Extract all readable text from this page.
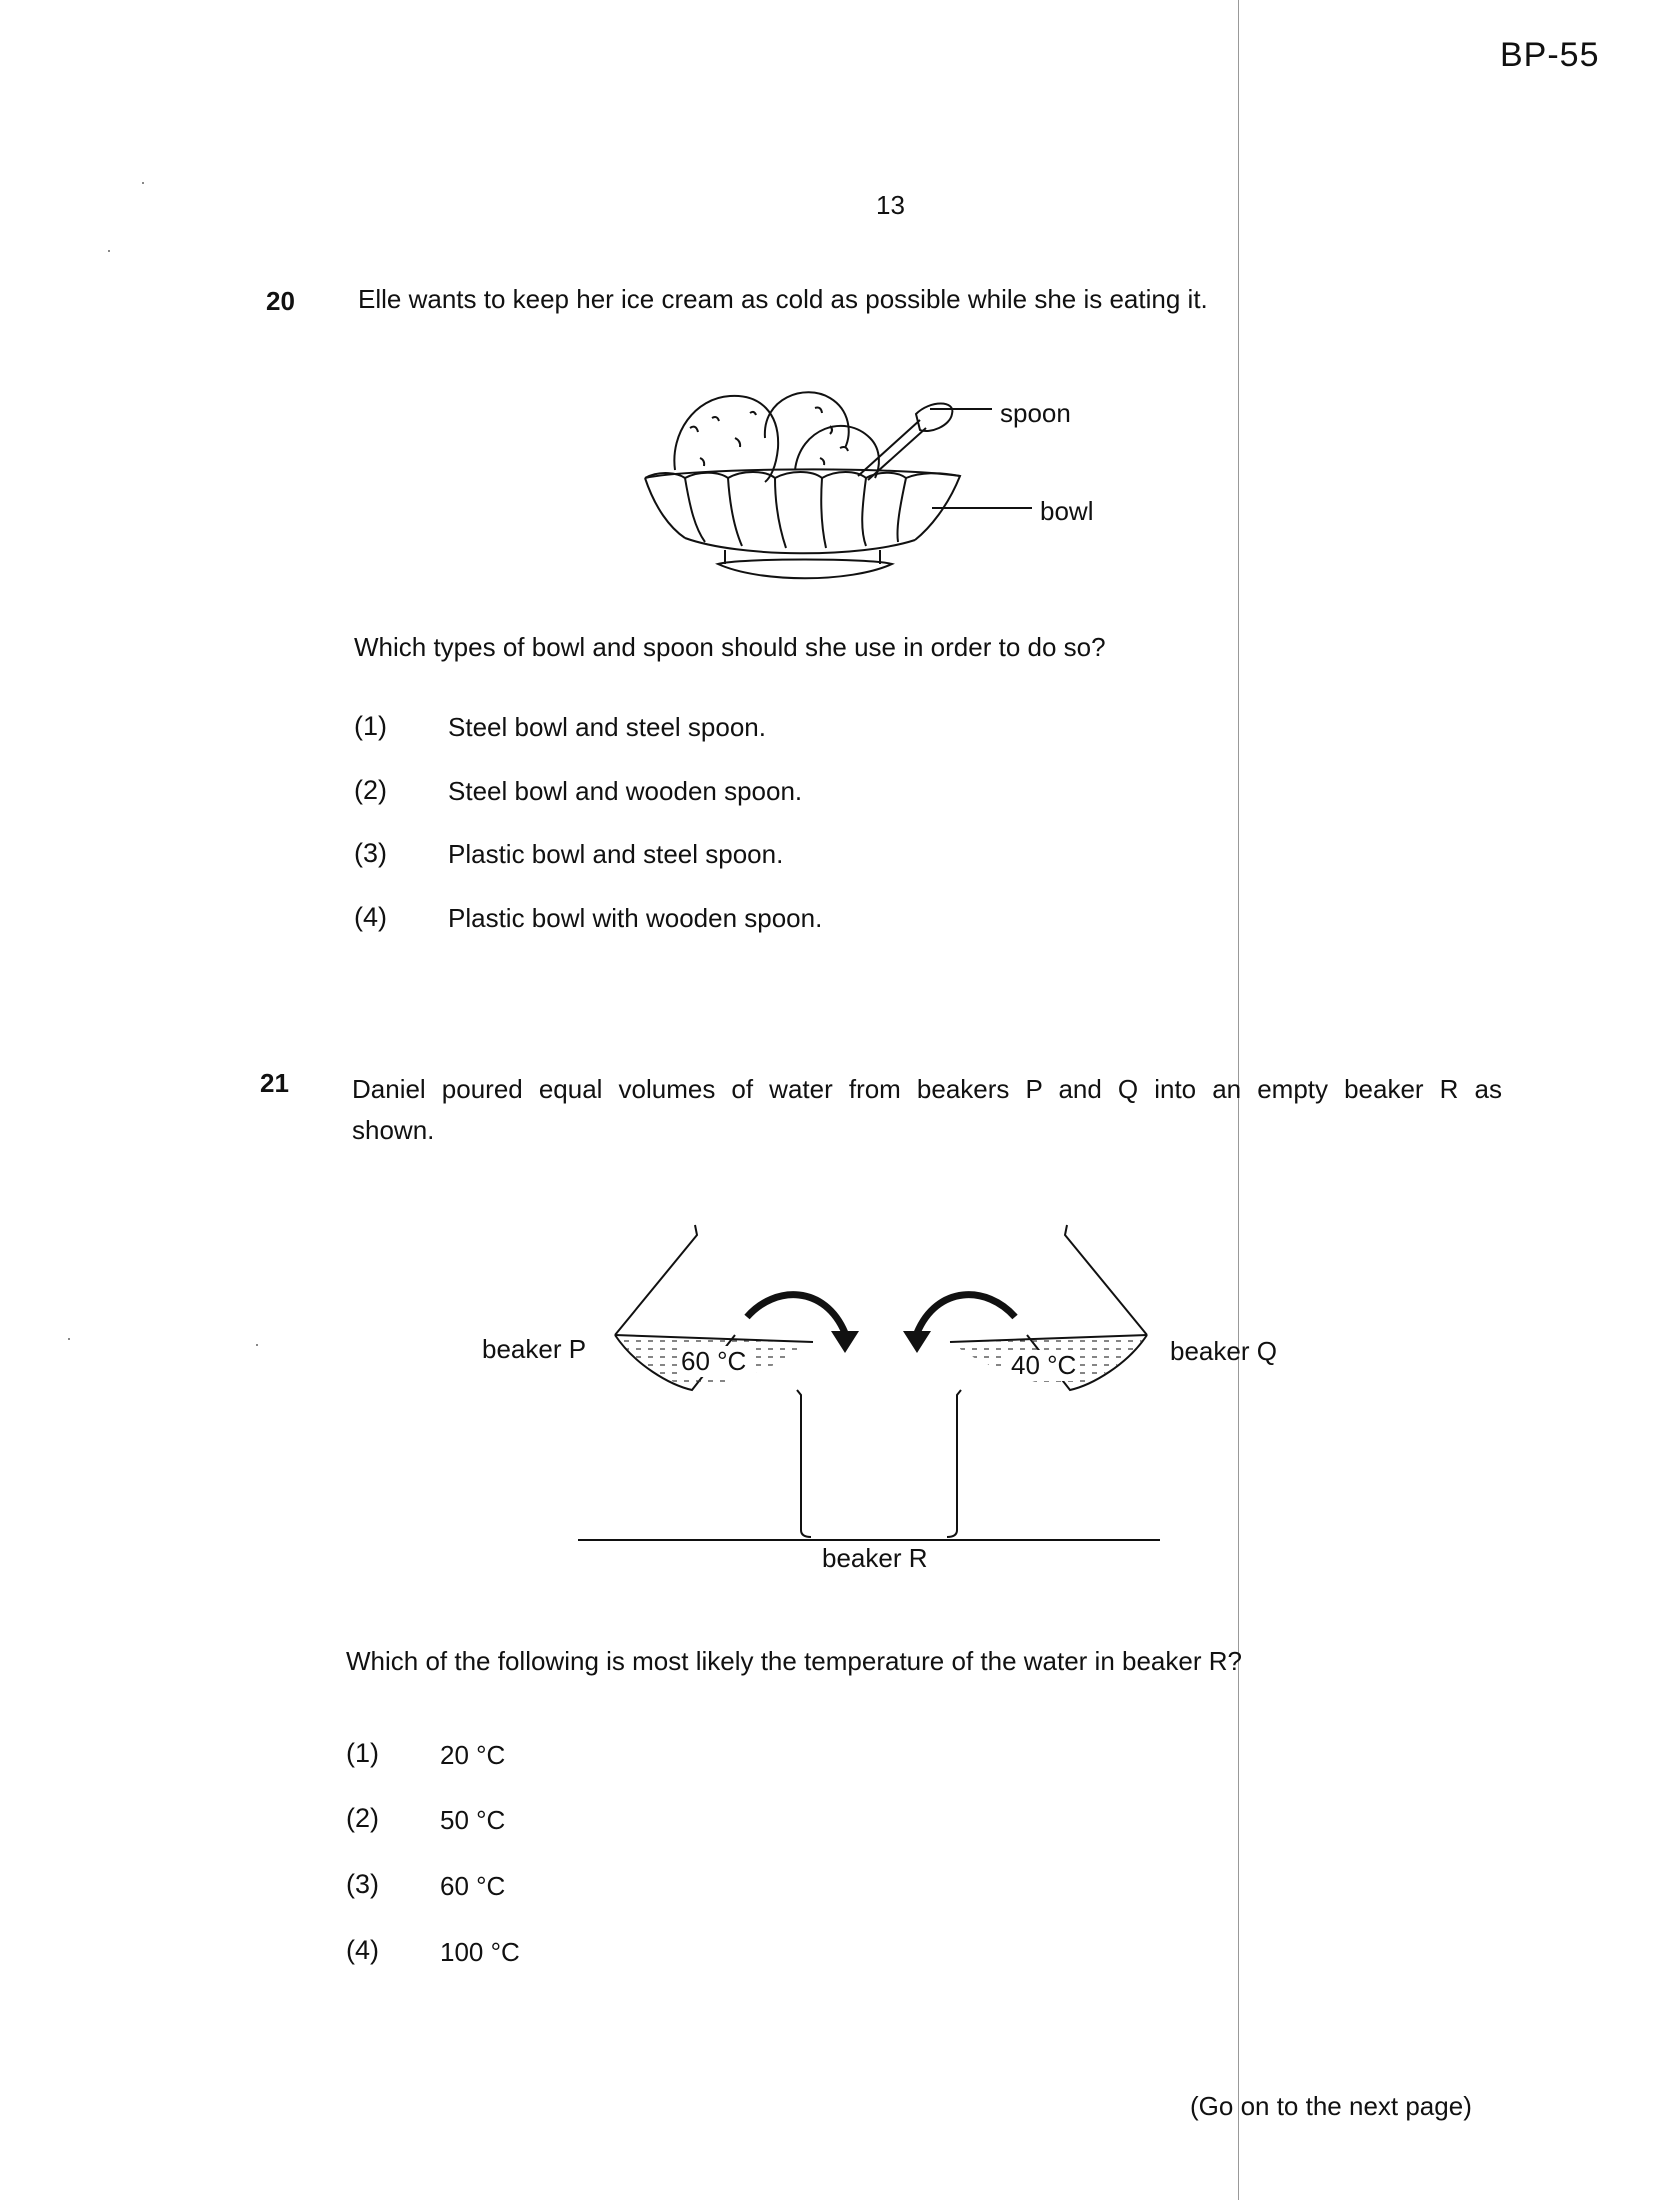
BP-55
13
20 Elle wants to keep her ice cream as cold as possible while she is eating it.
spoon
bowl
Which types of bowl and spoon should she use in order to do so?
(1) Steel bowl and steel spoon.
(2) Steel bowl and wooden spoon.
(3) Plastic bowl and steel spoon.
(4) Plastic bowl with wooden spoon.
21 Daniel poured equal volumes of water from beakers P and Q into an empty beaker R as
shown.
beaker P	beaker Q
60 °C	40 °C
beaker R
Which of the following is most likely the temperature of the water in beaker R?
(1) 20 °C
(2) 50 °C
(3) 60 °C
(4) 100 °C
(Go on to the next page)
